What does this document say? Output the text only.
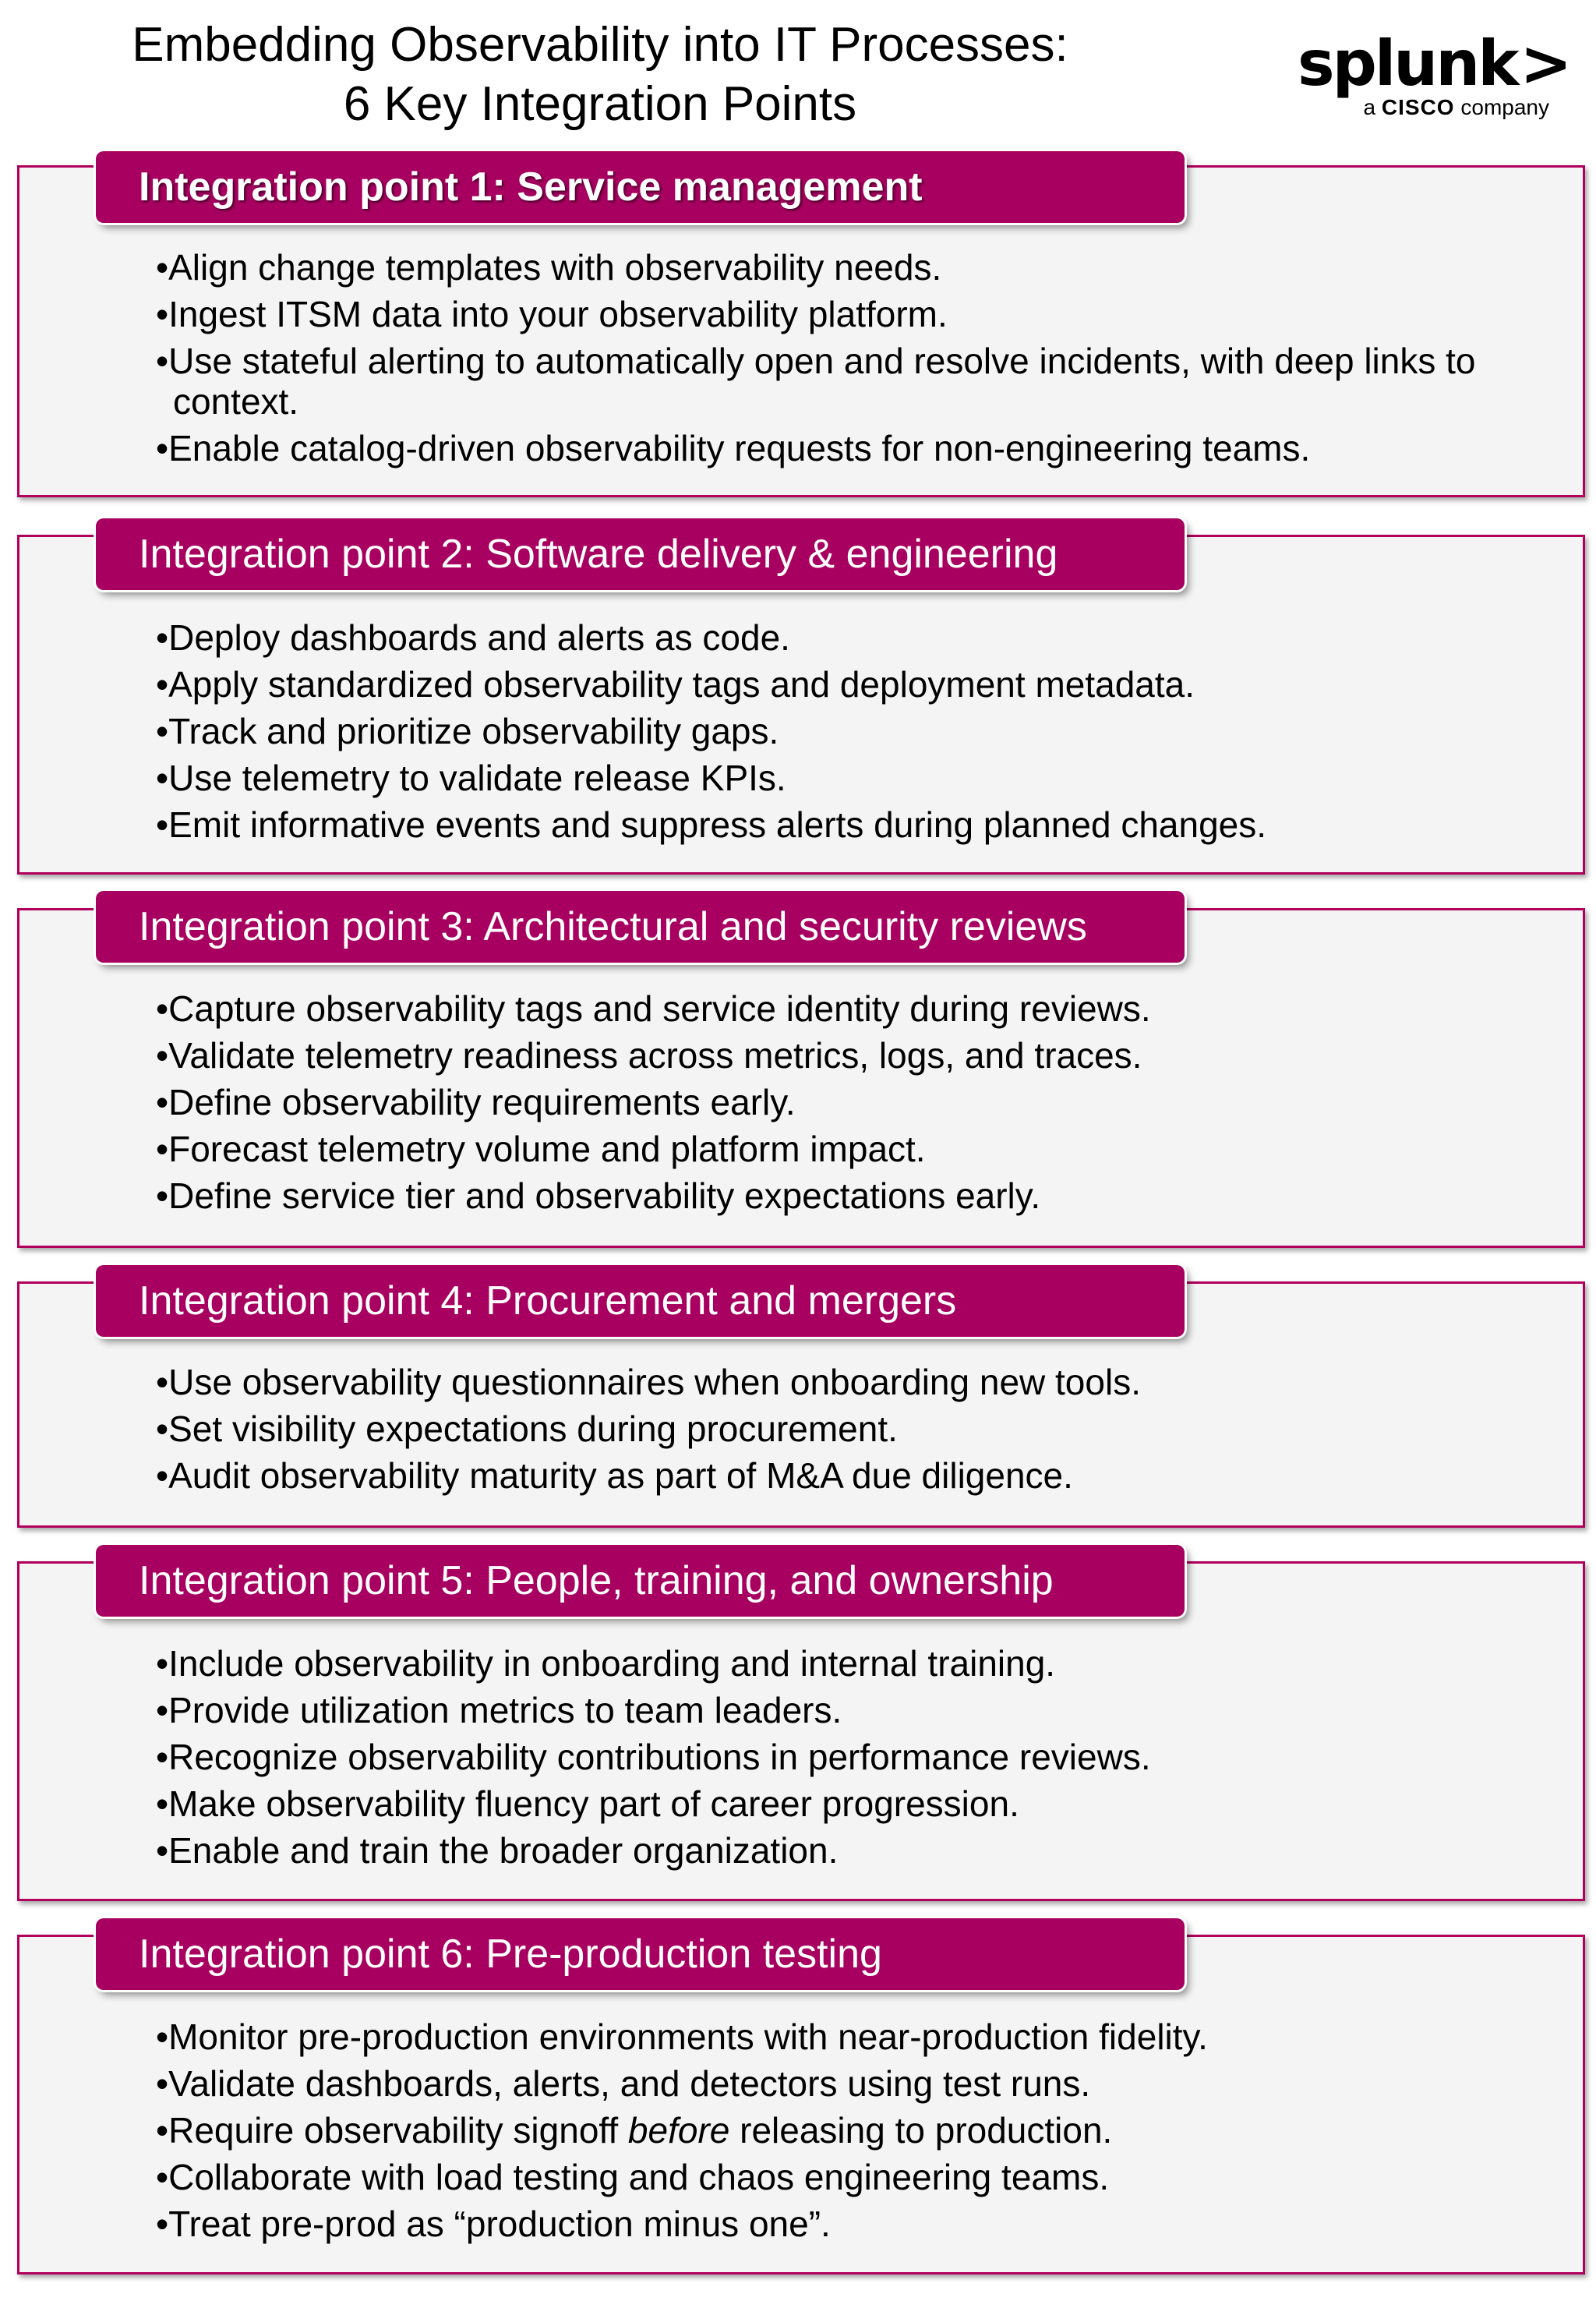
Embedding Observability into IT Processes:
6 Key Integration Points
splunk>
a CISCO company
Integration point 1: Service management
• Align change templates with observability needs.
• Ingest ITSM data into your observability platform.
• Use stateful alerting to automatically open and resolve incidents, with deep links to context.
• Enable catalog-driven observability requests for non-engineering teams.
Integration point 2: Software delivery & engineering
• Deploy dashboards and alerts as code.
• Apply standardized observability tags and deployment metadata.
• Track and prioritize observability gaps.
• Use telemetry to validate release KPIs.
• Emit informative events and suppress alerts during planned changes.
Integration point 3: Architectural and security reviews
• Capture observability tags and service identity during reviews.
• Validate telemetry readiness across metrics, logs, and traces.
• Define observability requirements early.
• Forecast telemetry volume and platform impact.
• Define service tier and observability expectations early.
Integration point 4: Procurement and mergers
• Use observability questionnaires when onboarding new tools.
• Set visibility expectations during procurement.
• Audit observability maturity as part of M&A due diligence.
Integration point 5: People, training, and ownership
• Include observability in onboarding and internal training.
• Provide utilization metrics to team leaders.
• Recognize observability contributions in performance reviews.
• Make observability fluency part of career progression.
• Enable and train the broader organization.
Integration point 6: Pre-production testing
• Monitor pre-production environments with near-production fidelity.
• Validate dashboards, alerts, and detectors using test runs.
• Require observability signoff before releasing to production.
• Collaborate with load testing and chaos engineering teams.
• Treat pre-prod as “production minus one”.
